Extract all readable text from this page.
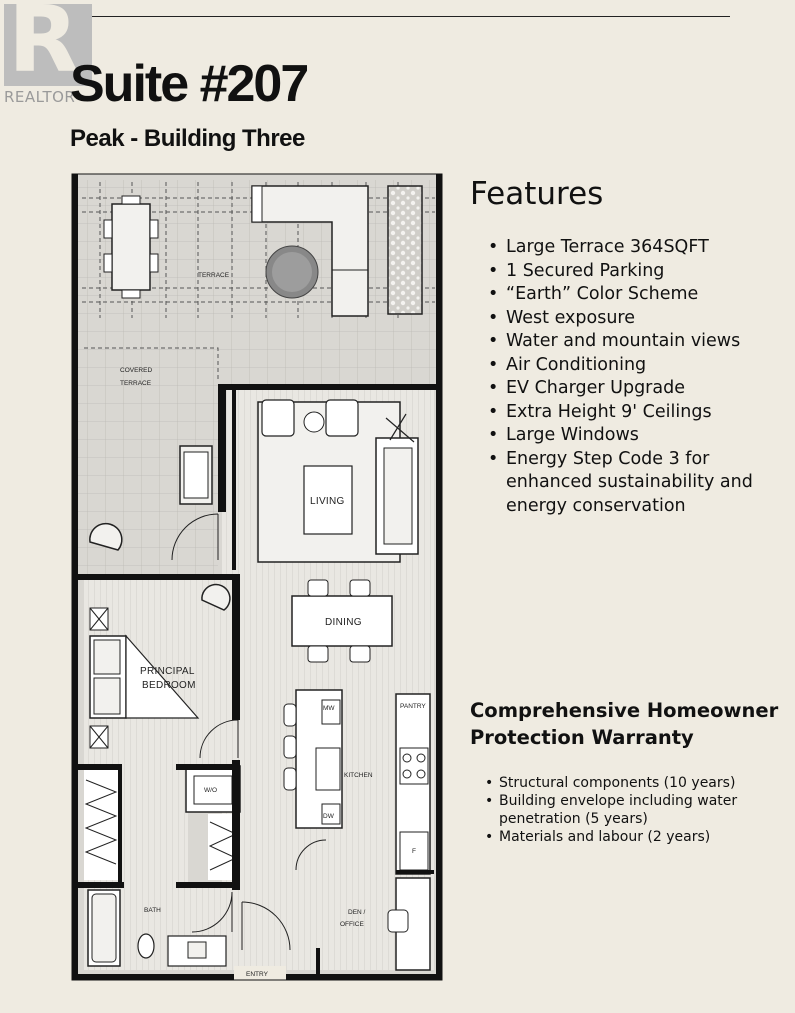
R
REALTOR
Suite #207
Peak - Building Three
TERRACE
COVERED
TERRACE
LIVING
DINING
MW
DW
KITCHEN
PANTRY
F
PRINCIPAL
BEDROOM
W/O
BATH	DEN /
OFFICE
ENTRY
Features
• Large Terrace 364SQFT
• 1 Secured Parking
• “Earth” Color Scheme
• West exposure
• Water and mountain views
• Air Conditioning
• EV Charger Upgrade
• Extra Height 9' Ceilings
• Large Windows
• Energy Step Code 3 for enhanced sustainability and energy conservation
Comprehensive Homeowner Protection Warranty
• Structural components (10 years)
• Building envelope including water penetration (5 years)
• Materials and labour (2 years)
